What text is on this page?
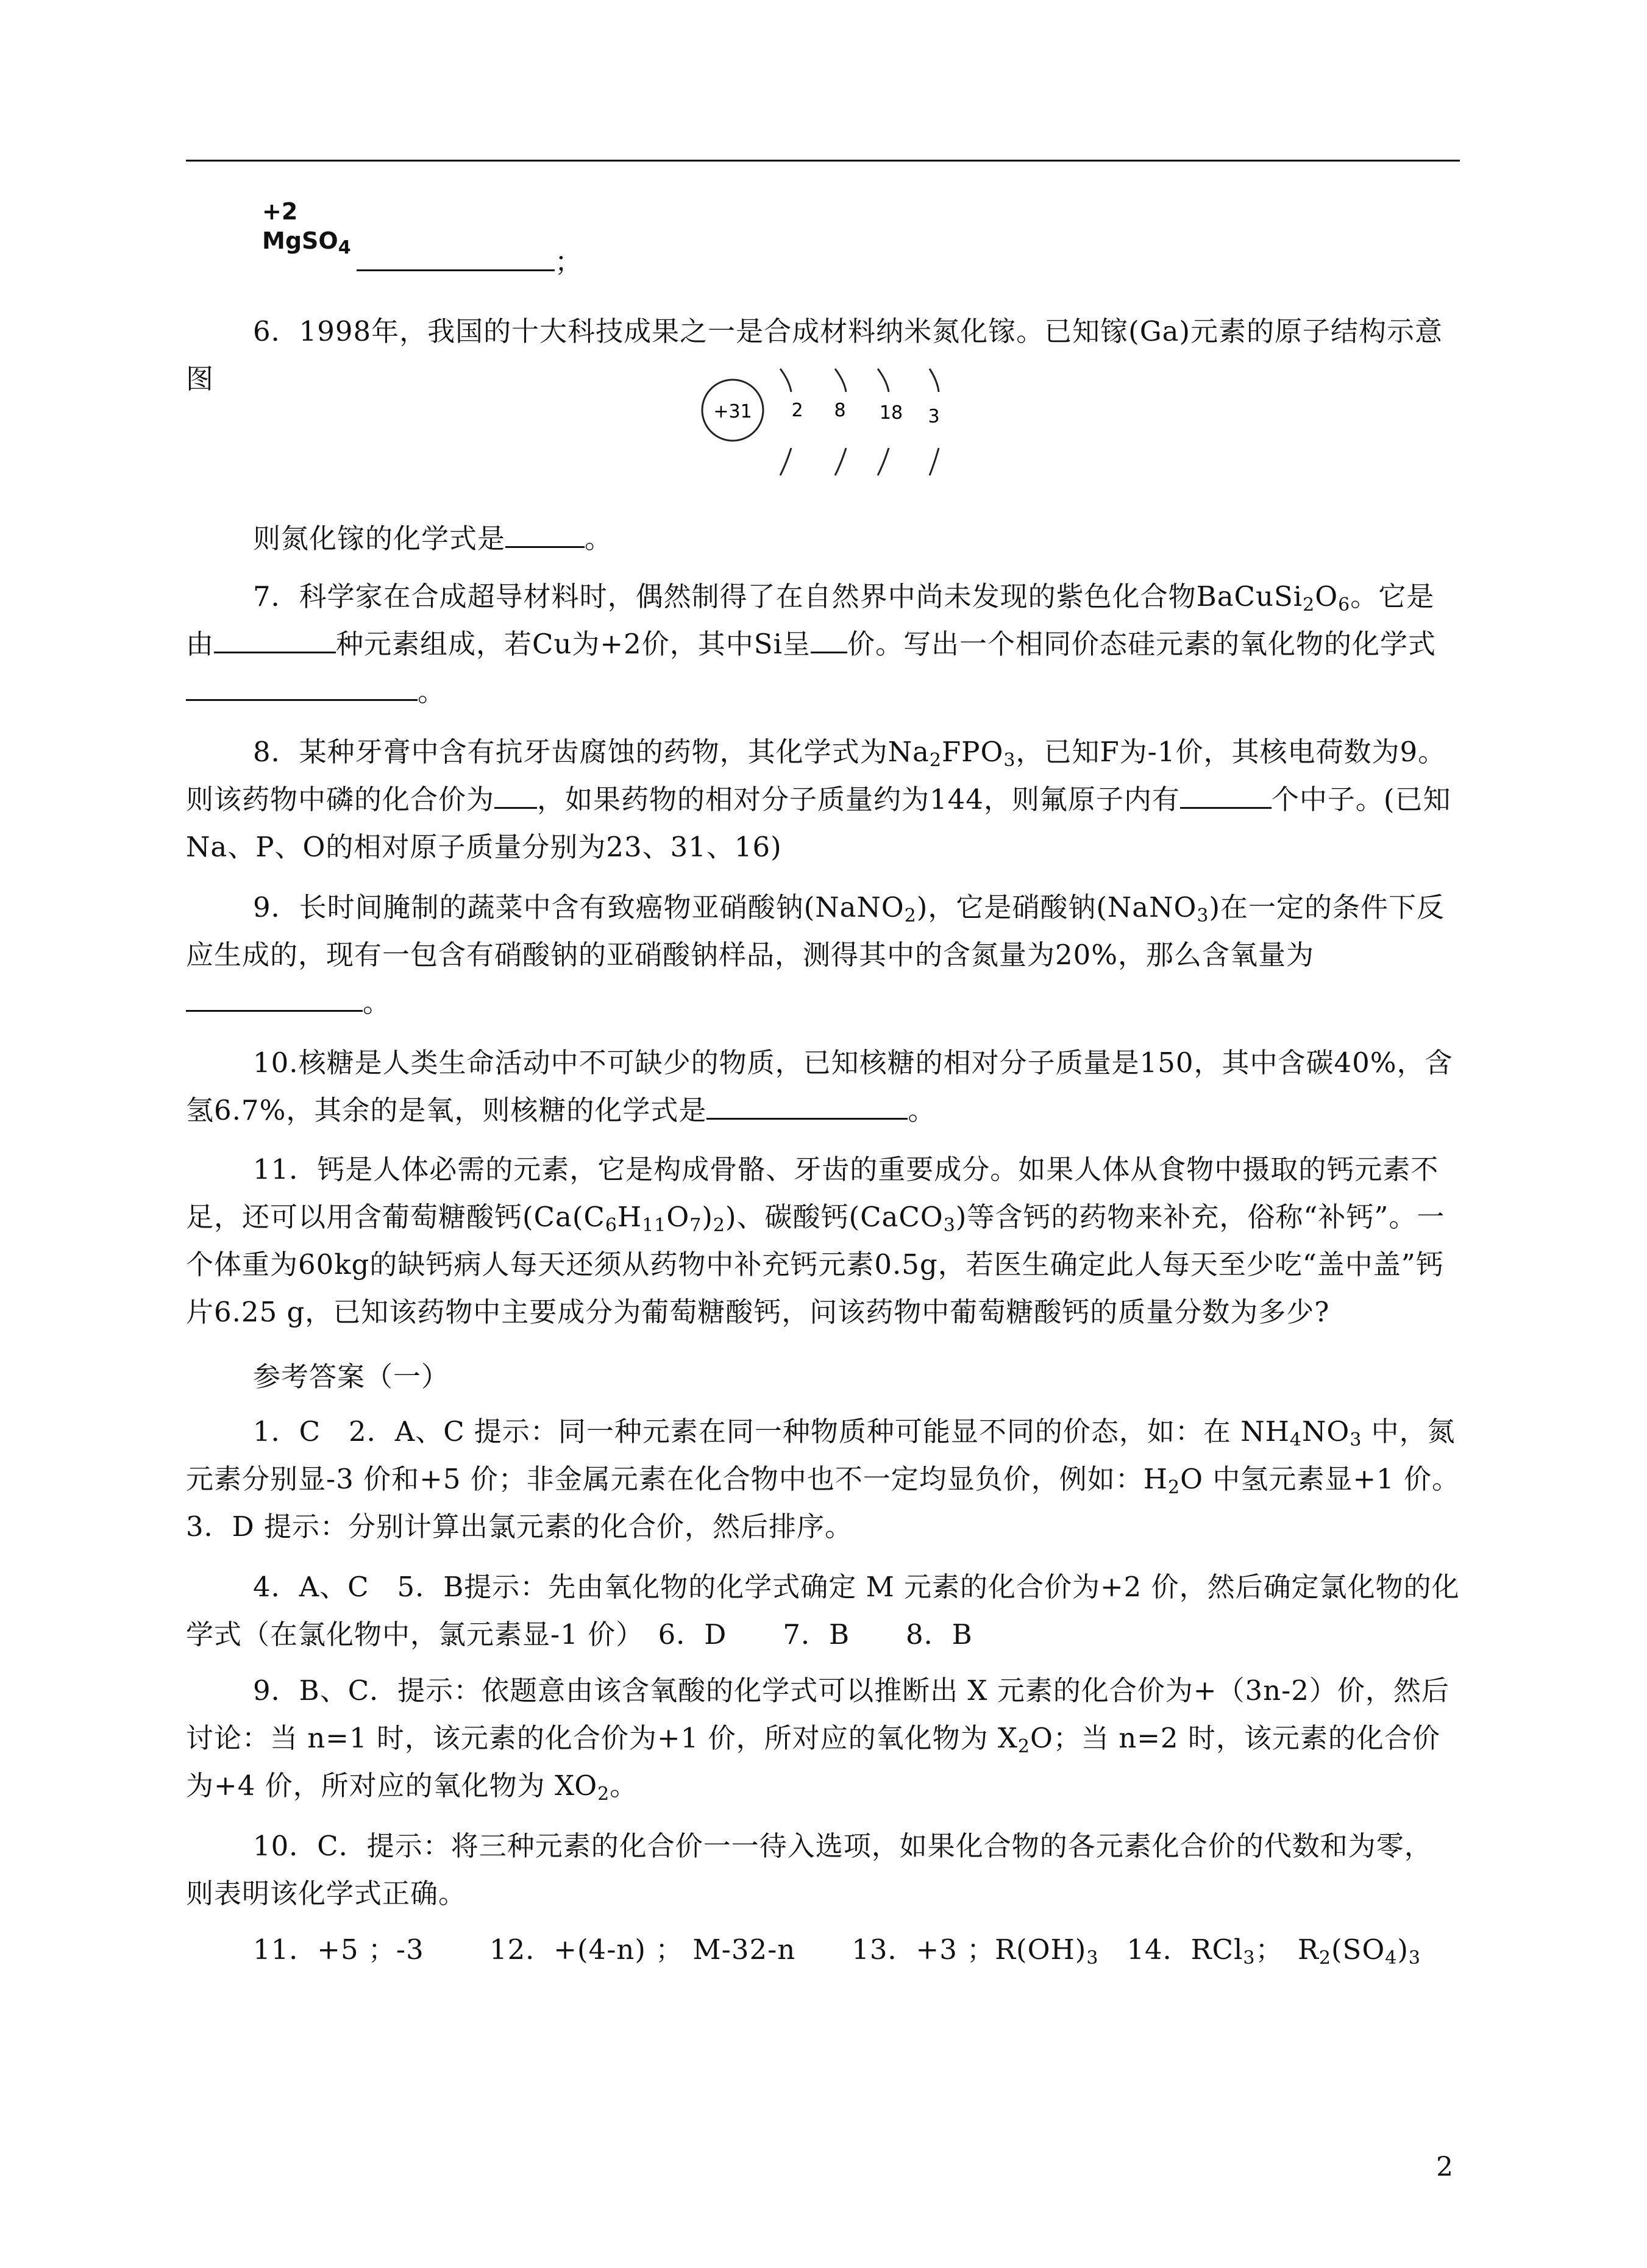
+2
MgSO$_4$	；
6．1998年，我国的十大科技成果之一是合成材料纳米氮化镓。已知镓(Ga)元素的原子结构示意图
+31 2 8 18 3
则氮化镓的化学式是	。
7．科学家在合成超导材料时，偶然制得了在自然界中尚未发现的紫色化合物$BaCuSi_2O_6$。它是由	种元素组成，若Cu为+2价，其中Si呈 价。写出一个相同价态硅元素的氧化物的化学式。
8．某种牙膏中含有抗牙齿腐蚀的药物，其化学式为$Na_2FPO_3$，已知F为-1价，其核电荷数为9。则该药物中磷的化合价为 ，如果药物的相对分子质量约为144，则氟原子内有	个中子。(已知Na、P、O的相对原子质量分别为23、31、16)
9．长时间腌制的蔬菜中含有致癌物亚硝酸钠(NaNO$_2$)，它是硝酸钠(NaNO$_3$)在一定的条件下反应生成的，现有一包含有硝酸钠的亚硝酸钠样品，测得其中的含氮量为20%，那么含氧量为。
10.核糖是人类生命活动中不可缺少的物质，已知核糖的相对分子质量是150，其中含碳40%，含氢6.7%，其余的是氧，则核糖的化学式是	。
11．钙是人体必需的元素，它是构成骨骼、牙齿的重要成分。如果人体从食物中摄取的钙元素不足，还可以用含葡萄糖酸钙$(Ca(C_6H_{11}O_7)_2)$、碳酸钙(CaCO$_3$)等含钙的药物来补充，俗称“补钙”。一个体重为60kg的缺钙病人每天还须从药物中补充钙元素0.5g，若医生确定此人每天至少吃“盖中盖”钙片6.25 g，已知该药物中主要成分为葡萄糖酸钙，问该药物中葡萄糖酸钙的质量分数为多少?
参考答案（一）
1．C　2．A、C 提示：同一种元素在同一种物质种可能显不同的价态，如：在 $NH_4NO_3$ 中，氮元素分别显-3 价和+5 价；非金属元素在化合物中也不一定均显负价，例如：$H_2O$ 中氢元素显+1 价。 3．D 提示：分别计算出氯元素的化合价，然后排序。
4．A、C　5．B提示：先由氧化物的化学式确定 M 元素的化合价为+2 价，然后确定氯化物的化学式（在氯化物中，氯元素显-1 价）　6．D　　7．B　　8．B
9．B、C．提示：依题意由该含氧酸的化学式可以推断出 X 元素的化合价为+（3n-2）价，然后讨论：当 n=1 时，该元素的化合价为+1 价，所对应的氧化物为 $X_2O$；当 n=2 时，该元素的化合价为+4 价，所对应的氧化物为 $XO_2$。
10．C．提示：将三种元素的化合价一一待入选项，如果化合物的各元素化合价的代数和为零，则表明该化学式正确。
11．+5 ；-3　　 12．+(4-n) ； M-32-n　　13．+3 ；$R(OH)_3$　14．RCl$_3$；　$R_2(SO_4)_3$
2
